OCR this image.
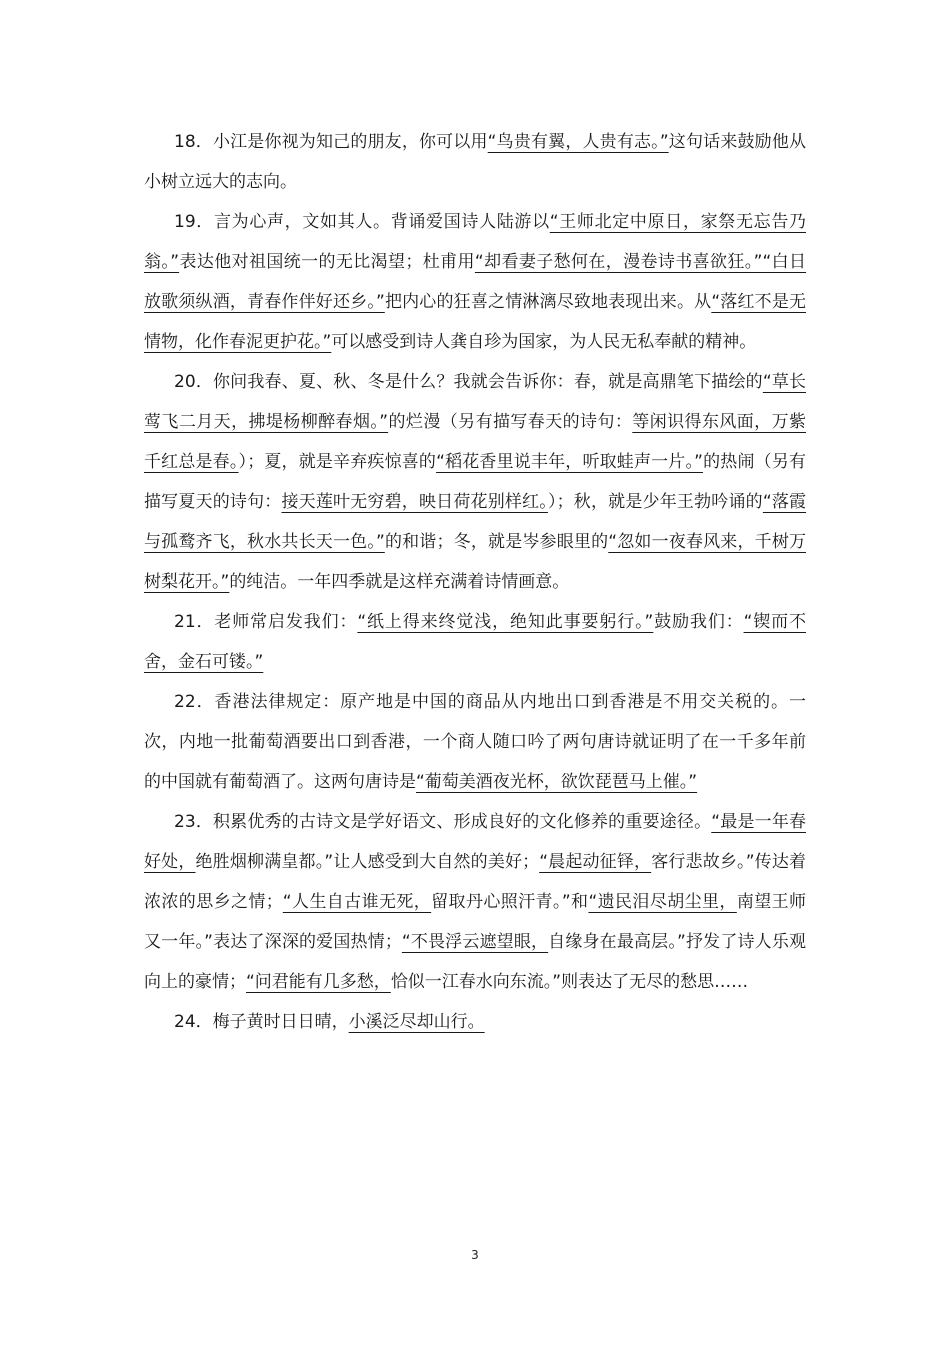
18．小江是你视为知己的朋友，你可以用“鸟贵有翼，人贵有志。”这句话来鼓励他从小树立远大的志向。

19．言为心声，文如其人。背诵爱国诗人陆游以“王师北定中原日，家祭无忘告乃翁。”表达他对祖国统一的无比渴望；杜甫用“却看妻子愁何在，漫卷诗书喜欲狂。”“白日放歌须纵酒，青春作伴好还乡。”把内心的狂喜之情淋漓尽致地表现出来。从“落红不是无情物，化作春泥更护花。”可以感受到诗人龚自珍为国家，为人民无私奉献的精神。

20．你问我春、夏、秋、冬是什么？我就会告诉你：春，就是高鼎笔下描绘的“草长莺飞二月天，拂堤杨柳醉春烟。”的烂漫（另有描写春天的诗句：等闲识得东风面，万紫千红总是春。）；夏，就是辛弃疾惊喜的“稻花香里说丰年，听取蛙声一片。”的热闹（另有描写夏天的诗句：接天莲叶无穷碧，映日荷花别样红。）；秋，就是少年王勃吟诵的“落霞与孤鹜齐飞，秋水共长天一色。”的和谐；冬，就是岑参眼里的“忽如一夜春风来，千树万树梨花开。”的纯洁。一年四季就是这样充满着诗情画意。

21．老师常启发我们：“纸上得来终觉浅，绝知此事要躬行。”鼓励我们：“锲而不舍，金石可镂。”

22．香港法律规定：原产地是中国的商品从内地出口到香港是不用交关税的。一次，内地一批葡萄酒要出口到香港，一个商人随口吟了两句唐诗就证明了在一千多年前的中国就有葡萄酒了。这两句唐诗是“葡萄美酒夜光杯，欲饮琵琶马上催。”

23．积累优秀的古诗文是学好语文、形成良好的文化修养的重要途径。“最是一年春好处，绝胜烟柳满皇都。”让人感受到大自然的美好；“晨起动征铎，客行悲故乡。”传达着浓浓的思乡之情；“人生自古谁无死，留取丹心照汗青。”和“遗民泪尽胡尘里，南望王师又一年。”表达了深深的爱国热情；“不畏浮云遮望眼，自缘身在最高层。”抒发了诗人乐观向上的豪情；“问君能有几多愁，恰似一江春水向东流。”则表达了无尽的愁思……

24．梅子黄时日日晴，小溪泛尽却山行。

3
